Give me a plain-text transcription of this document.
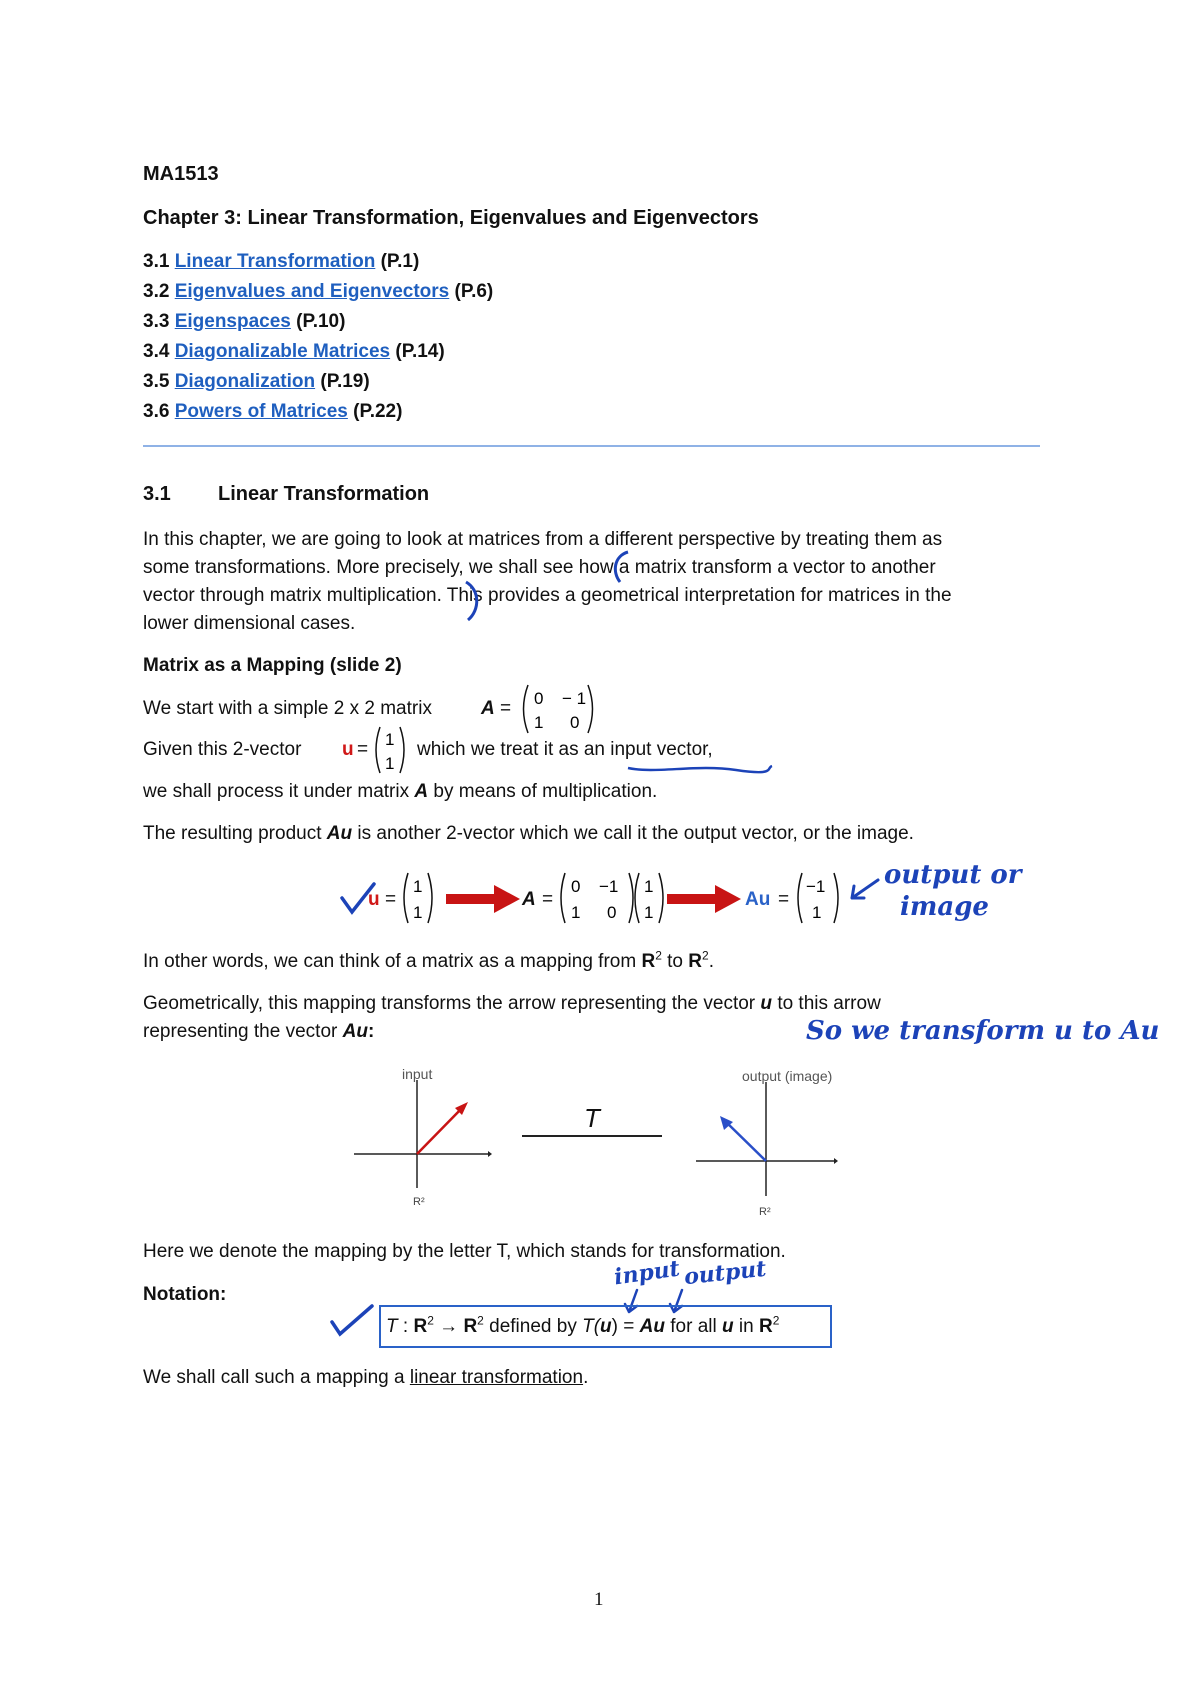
MA1513
Chapter 3: Linear Transformation, Eigenvalues and Eigenvectors
3.1 Linear Transformation (P.1)
3.2 Eigenvalues and Eigenvectors (P.6)
3.3 Eigenspaces (P.10)
3.4 Diagonalizable Matrices (P.14)
3.5 Diagonalization (P.19)
3.6 Powers of Matrices (P.22)
3.1 Linear Transformation
In this chapter, we are going to look at matrices from a different perspective by treating them as
some transformations. More precisely, we shall see how a matrix transform a vector to another
vector through matrix multiplication. This provides a geometrical interpretation for matrices in the
lower dimensional cases.
Matrix as a Mapping (slide 2)
We start with a simple 2 x 2 matrix	A = 0 − 1
1 0
Given this 2-vector u = 1
1
which we treat it as an input vector,
we shall process it under matrix A by means of multiplication.
The resulting product Au is another 2-vector which we call it the output vector, or the image.
u =
1
1
A =
0 −1
1 0
1
1
Au =
−1
1
output or
image
In other words, we can think of a matrix as a mapping from $R^2$ to $R^2$.
Geometrically, this mapping transforms the arrow representing the vector u to this arrow
representing the vector Au:	So we transform u to Au
input
R²
T
output (image)
R²
Here we denote the mapping by the letter T, which stands for transformation.
Notation:
input output
T : $R^2 \to R^2$ defined by T(u) = Au for all u in $R^2$
We shall call such a mapping a linear transformation.
1
